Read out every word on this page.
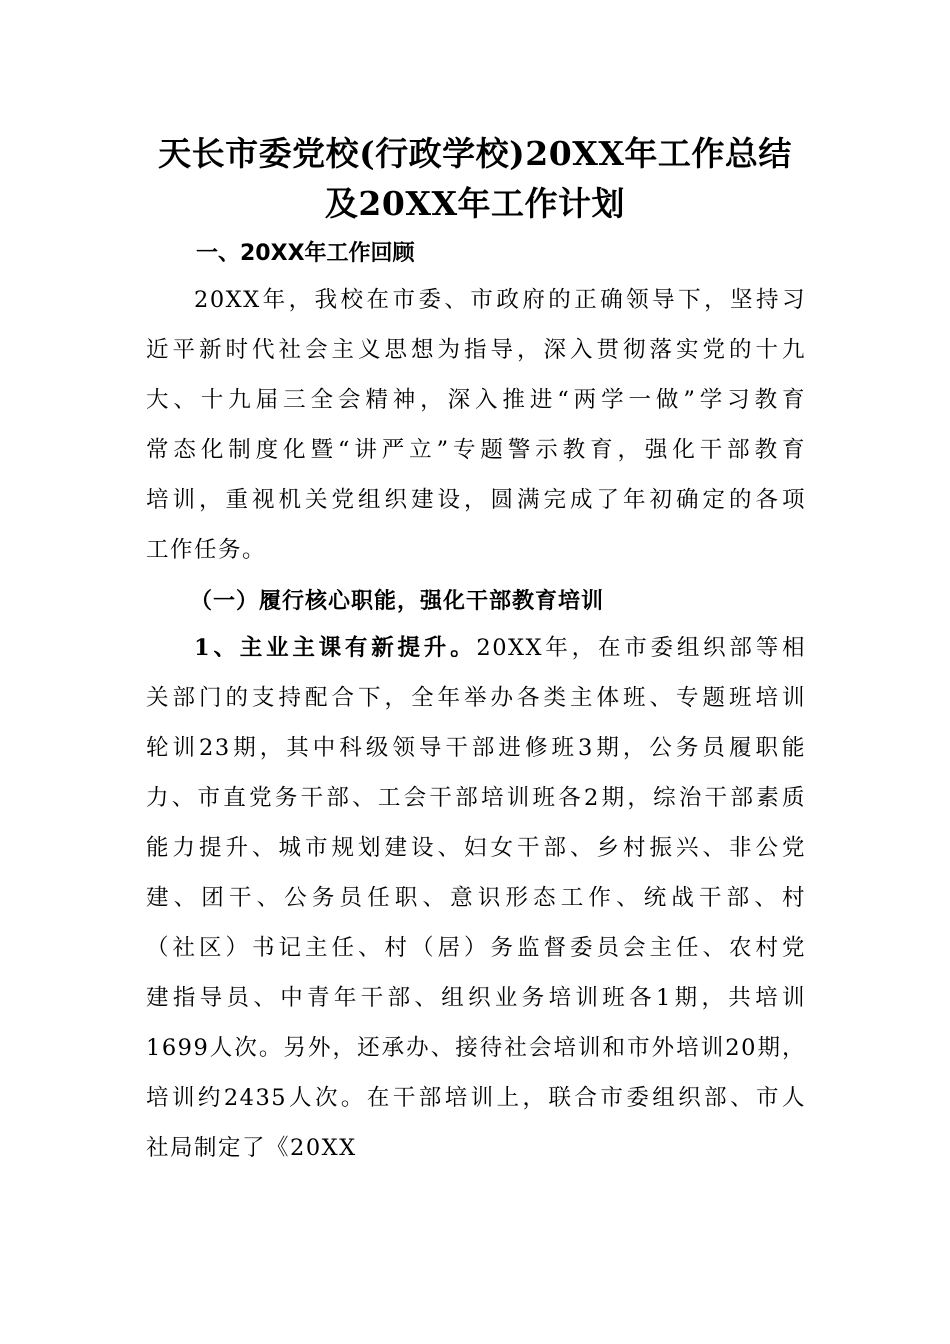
天长市委党校(行政学校)20XX年工作总结
及20XX年工作计划
一、20XX年工作回顾

20XX年，我校在市委、市政府的正确领导下，坚持习
近平新时代社会主义思想为指导，深入贯彻落实党的十九
大、十九届三全会精神，深入推进“两学一做”学习教育
常态化制度化暨“讲严立”专题警示教育，强化干部教育
培训，重视机关党组织建设，圆满完成了年初确定的各项
工作任务。

（一）履行核心职能，强化干部教育培训

1、主业主课有新提升。20XX年，在市委组织部等相
关部门的支持配合下，全年举办各类主体班、专题班培训
轮训23期，其中科级领导干部进修班3期，公务员履职能
力、市直党务干部、工会干部培训班各2期，综治干部素质
能力提升、城市规划建设、妇女干部、乡村振兴、非公党
建、团干、公务员任职、意识形态工作、统战干部、村
（社区）书记主任、村（居）务监督委员会主任、农村党
建指导员、中青年干部、组织业务培训班各1期，共培训
1699人次。另外，还承办、接待社会培训和市外培训20期，
培训约2435人次。在干部培训上，联合市委组织部、市人
社局制定了《20XX
